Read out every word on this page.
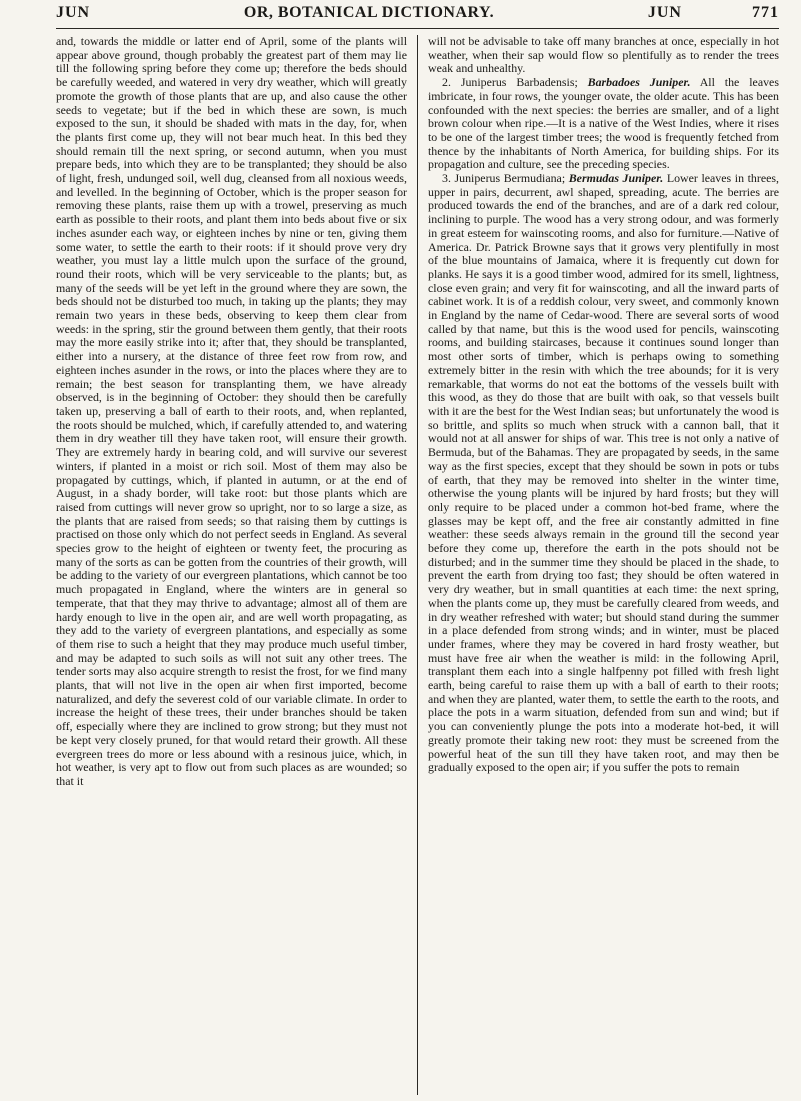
JUN	OR, BOTANICAL DICTIONARY.	JUN	771

and, towards the middle or latter end of April, some of the plants will appear above ground, though probably the greatest part of them may lie till the following spring before they come up; therefore the beds should be carefully weeded, and watered in very dry weather, which will greatly promote the growth of those plants that are up, and also cause the other seeds to vegetate; but if the bed in which these are sown, is much exposed to the sun, it should be shaded with mats in the day, for, when the plants first come up, they will not bear much heat. In this bed they should remain till the next spring, or second autumn, when you must prepare beds, into which they are to be transplanted; they should be also of light, fresh, undunged soil, well dug, cleansed from all noxious weeds, and levelled. In the beginning of October, which is the proper season for removing these plants, raise them up with a trowel, preserving as much earth as possible to their roots, and plant them into beds about five or six inches asunder each way, or eighteen inches by nine or ten, giving them some water, to settle the earth to their roots: if it should prove very dry weather, you must lay a little mulch upon the surface of the ground, round their roots, which will be very serviceable to the plants; but, as many of the seeds will be yet left in the ground where they are sown, the beds should not be disturbed too much, in taking up the plants; they may remain two years in these beds, observing to keep them clear from weeds: in the spring, stir the ground between them gently, that their roots may the more easily strike into it; after that, they should be transplanted, either into a nursery, at the distance of three feet row from row, and eighteen inches asunder in the rows, or into the places where they are to remain; the best season for transplanting them, we have already observed, is in the beginning of October: they should then be carefully taken up, preserving a ball of earth to their roots, and, when replanted, the roots should be mulched, which, if carefully attended to, and watering them in dry weather till they have taken root, will ensure their growth. They are extremely hardy in bearing cold, and will survive our severest winters, if planted in a moist or rich soil. Most of them may also be propagated by cuttings, which, if planted in autumn, or at the end of August, in a shady border, will take root: but those plants which are raised from cuttings will never grow so upright, nor to so large a size, as the plants that are raised from seeds; so that raising them by cuttings is practised on those only which do not perfect seeds in England. As several species grow to the height of eighteen or twenty feet, the procuring as many of the sorts as can be gotten from the countries of their growth, will be adding to the variety of our evergreen plantations, which cannot be too much propagated in England, where the winters are in general so temperate, that that they may thrive to advantage; almost all of them are hardy enough to live in the open air, and are well worth propagating, as they add to the variety of evergreen plantations, and especially as some of them rise to such a height that they may produce much useful timber, and may be adapted to such soils as will not suit any other trees. The tender sorts may also acquire strength to resist the frost, for we find many plants, that will not live in the open air when first imported, become naturalized, and defy the severest cold of our variable climate. In order to increase the height of these trees, their under branches should be taken off, especially where they are inclined to grow strong; but they must not be kept very closely pruned, for that would retard their growth. All these evergreen trees do more or less abound with a resinous juice, which, in hot weather, is very apt to flow out from such places as are wounded; so that it

will not be advisable to take off many branches at once, especially in hot weather, when their sap would flow so plentifully as to render the trees weak and unhealthy.

2. Juniperus Barbadensis; Barbadoes Juniper. All the leaves imbricate, in four rows, the younger ovate, the older acute. This has been confounded with the next species: the berries are smaller, and of a light brown colour when ripe.—It is a native of the West Indies, where it rises to be one of the largest timber trees; the wood is frequently fetched from thence by the inhabitants of North America, for building ships. For its propagation and culture, see the preceding species.

3. Juniperus Bermudiana; Bermudas Juniper. Lower leaves in threes, upper in pairs, decurrent, awl shaped, spreading, acute. The berries are produced towards the end of the branches, and are of a dark red colour, inclining to purple. The wood has a very strong odour, and was formerly in great esteem for wainscoting rooms, and also for furniture.—Native of America. Dr. Patrick Browne says that it grows very plentifully in most of the blue mountains of Jamaica, where it is frequently cut down for planks. He says it is a good timber wood, admired for its smell, lightness, close even grain; and very fit for wainscoting, and all the inward parts of cabinet work. It is of a reddish colour, very sweet, and commonly known in England by the name of Cedar-wood. There are several sorts of wood called by that name, but this is the wood used for pencils, wainscoting rooms, and building staircases, because it continues sound longer than most other sorts of timber, which is perhaps owing to something extremely bitter in the resin with which the tree abounds; for it is very remarkable, that worms do not eat the bottoms of the vessels built with this wood, as they do those that are built with oak, so that vessels built with it are the best for the West Indian seas; but unfortunately the wood is so brittle, and splits so much when struck with a cannon ball, that it would not at all answer for ships of war. This tree is not only a native of Bermuda, but of the Bahamas. They are propagated by seeds, in the same way as the first species, except that they should be sown in pots or tubs of earth, that they may be removed into shelter in the winter time, otherwise the young plants will be injured by hard frosts; but they will only require to be placed under a common hot-bed frame, where the glasses may be kept off, and the free air constantly admitted in fine weather: these seeds always remain in the ground till the second year before they come up, therefore the earth in the pots should not be disturbed; and in the summer time they should be placed in the shade, to prevent the earth from drying too fast; they should be often watered in very dry weather, but in small quantities at each time: the next spring, when the plants come up, they must be carefully cleared from weeds, and in dry weather refreshed with water; but should stand during the summer in a place defended from strong winds; and in winter, must be placed under frames, where they may be covered in hard frosty weather, but must have free air when the weather is mild: in the following April, transplant them each into a single halfpenny pot filled with fresh light earth, being careful to raise them up with a ball of earth to their roots; and when they are planted, water them, to settle the earth to the roots, and place the pots in a warm situation, defended from sun and wind; but if you can conveniently plunge the pots into a moderate hot-bed, it will greatly promote their taking new root: they must be screened from the powerful heat of the sun till they have taken root, and may then be gradually exposed to the open air; if you suffer the pots to remain
